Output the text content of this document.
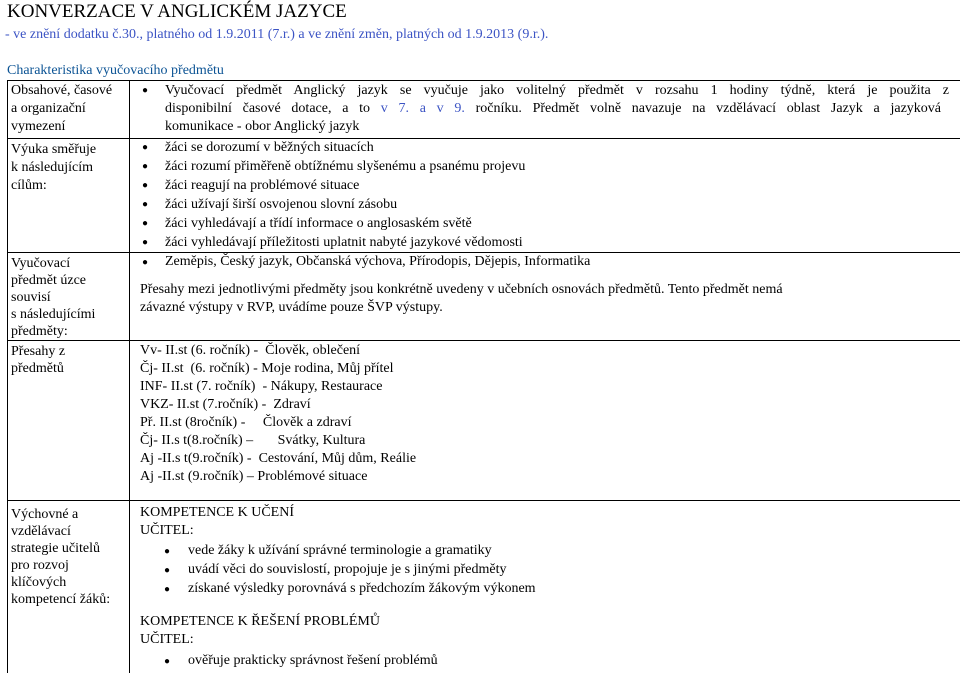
KONVERZACE V ANGLICKÉM JAZYCE
- ve znění dodatku č.30., platného od 1.9.2011 (7.r.) a ve znění změn, platných od 1.9.2013 (9.r.).
Charakteristika vyučovacího předmětu
Obsahové, časové
a organizační
vymezení
● Vyučovací předmět Anglický jazyk se vyučuje jako volitelný předmět v rozsahu 1 hodiny týdně, která je použita z
disponibilní časové dotace, a to v 7. a v 9. ročníku. Předmět volně navazuje na vzdělávací oblast Jazyk a jazyková
komunikace - obor Anglický jazyk
Výuka směřuje
k následujícím
cílům:
● žáci se dorozumí v běžných situacích
● žáci rozumí přiměřeně obtížnému slyšenému a psanému projevu
● žáci reagují na problémové situace
● žáci užívají širší osvojenou slovní zásobu
● žáci vyhledávají a třídí informace o anglosaském světě
● žáci vyhledávají příležitosti uplatnit nabyté jazykové vědomosti
Vyučovací
předmět úzce
souvisí
s následujícími
předměty:
● Zeměpis, Český jazyk, Občanská výchova, Přírodopis, Dějepis, Informatika
Přesahy mezi jednotlivými předměty jsou konkrétně uvedeny v učebních osnovách předmětů. Tento předmět nemá
závazné výstupy v RVP, uvádíme pouze ŠVP výstupy.
Přesahy z
předmětů
Vv- II.st (6. ročník) -  Člověk, oblečení
Čj- II.st  (6. ročník) - Moje rodina, Můj přítel
INF- II.st (7. ročník)  - Nákupy, Restaurace
VKZ- II.st (7.ročník) -  Zdraví
Př. II.st (8ročník) -     Člověk a zdraví
Čj- II.s t(8.ročník) –       Svátky, Kultura
Aj -II.s t(9.ročník) -  Cestování, Můj dům, Reálie
Aj -II.st (9.ročník) – Problémové situace
Výchovné a
vzdělávací
strategie učitelů
pro rozvoj
klíčových
kompetencí žáků:
KOMPETENCE K UČENÍ
UČITEL:
● vede žáky k užívání správné terminologie a gramatiky
● uvádí věci do souvislostí, propojuje je s jinými předměty
● získané výsledky porovnává s předchozím žákovým výkonem
KOMPETENCE K ŘEŠENÍ PROBLÉMŮ
UČITEL:
● ověřuje prakticky správnost řešení problémů
